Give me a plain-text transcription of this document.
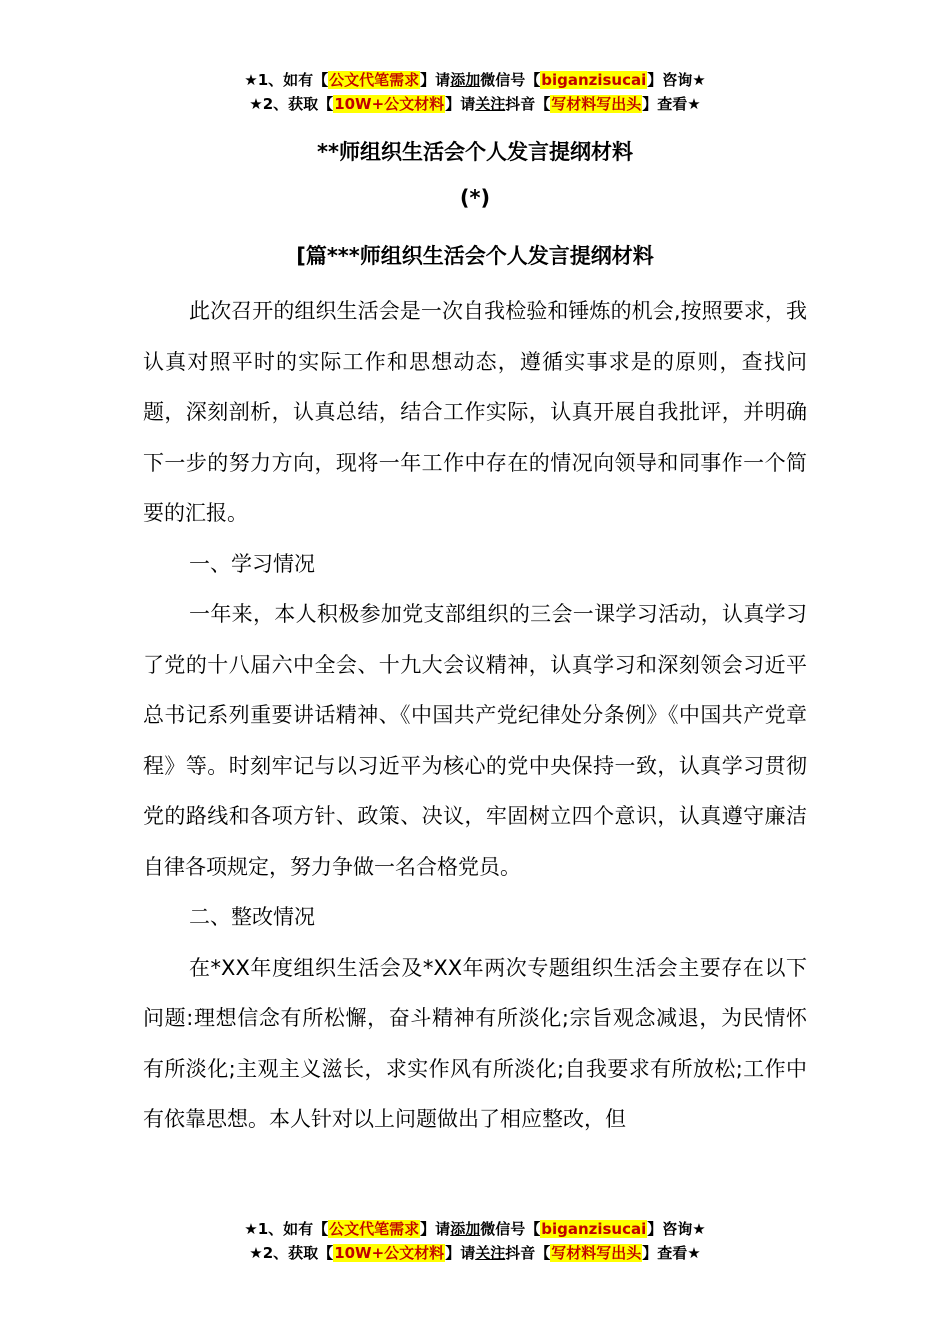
★1、如有【公文代笔需求】请添加微信号【biganzisucai】咨询★
★2、获取【10W+公文材料】请关注抖音【写材料写出头】查看★
**师组织生活会个人发言提纲材料
(*)
[篇***师组织生活会个人发言提纲材料

此次召开的组织生活会是一次自我检验和锤炼的机会,按照要求，我认真对照平时的实际工作和思想动态，遵循实事求是的原则，查找问题，深刻剖析，认真总结，结合工作实际，认真开展自我批评，并明确下一步的努力方向，现将一年工作中存在的情况向领导和同事作一个简要的汇报。

一、学习情况

一年来，本人积极参加党支部组织的三会一课学习活动，认真学习了党的十八届六中全会、十九大会议精神，认真学习和深刻领会习近平总书记系列重要讲话精神、《中国共产党纪律处分条例》《中国共产党章程》等。时刻牢记与以习近平为核心的党中央保持一致，认真学习贯彻党的路线和各项方针、政策、决议，牢固树立四个意识，认真遵守廉洁自律各项规定，努力争做一名合格党员。

二、整改情况

在*XX年度组织生活会及*XX年两次专题组织生活会主要存在以下问题:理想信念有所松懈，奋斗精神有所淡化;宗旨观念减退，为民情怀有所淡化;主观主义滋长，求实作风有所淡化;自我要求有所放松;工作中有依靠思想。本人针对以上问题做出了相应整改，但

★1、如有【公文代笔需求】请添加微信号【biganzisucai】咨询★
★2、获取【10W+公文材料】请关注抖音【写材料写出头】查看★
